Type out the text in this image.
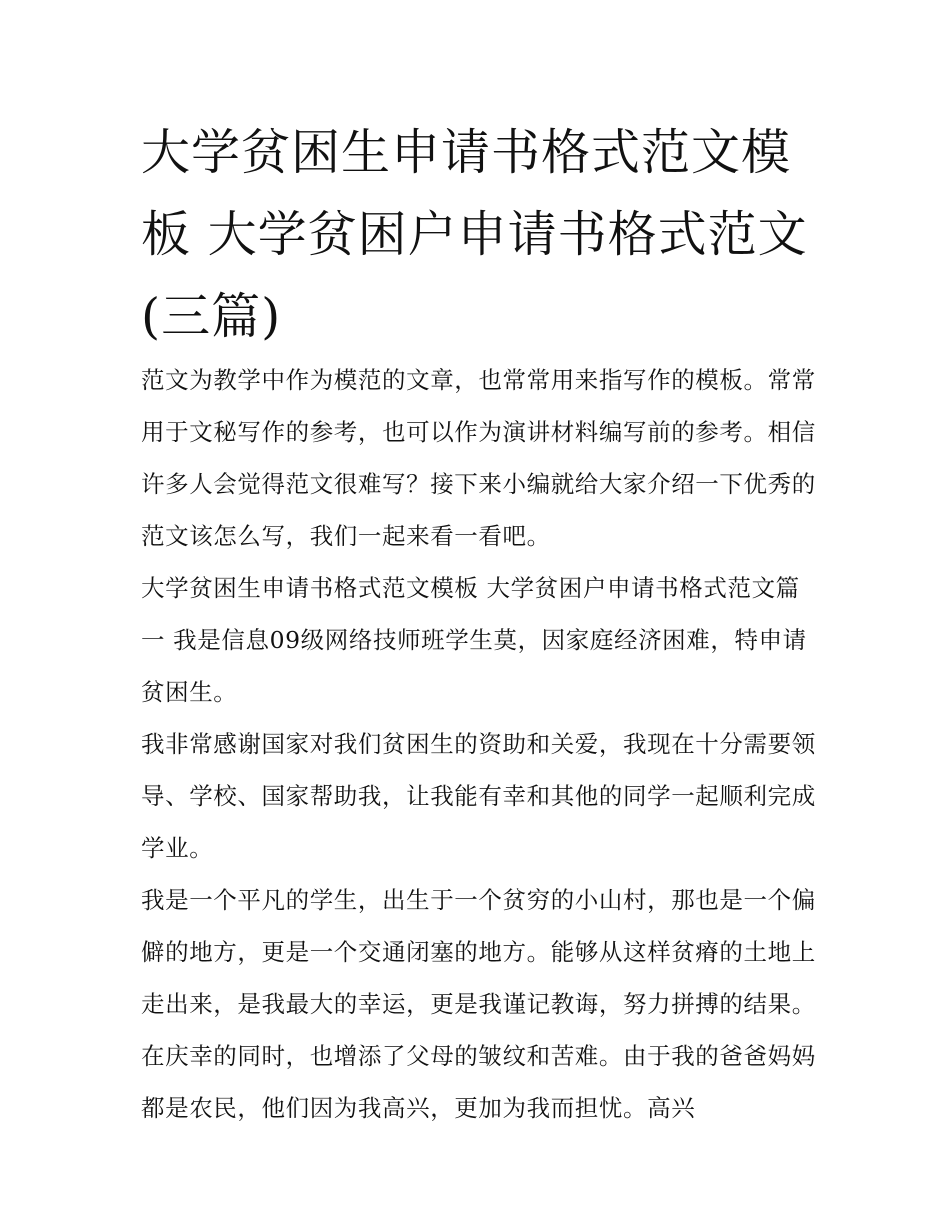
大学贫困生申请书格式范文模板 大学贫困户申请书格式范文(三篇)

范文为教学中作为模范的文章，也常常用来指写作的模板。常常用于文秘写作的参考，也可以作为演讲材料编写前的参考。相信许多人会觉得范文很难写？接下来小编就给大家介绍一下优秀的范文该怎么写，我们一起来看一看吧。

大学贫困生申请书格式范文模板 大学贫困户申请书格式范文篇一 我是信息09级网络技师班学生莫，因家庭经济困难，特申请贫困生。

我非常感谢国家对我们贫困生的资助和关爱，我现在十分需要领导、学校、国家帮助我，让我能有幸和其他的同学一起顺利完成学业。

我是一个平凡的学生，出生于一个贫穷的小山村，那也是一个偏僻的地方，更是一个交通闭塞的地方。能够从这样贫瘠的土地上走出来，是我最大的幸运，更是我谨记教诲，努力拼搏的结果。在庆幸的同时，也增添了父母的皱纹和苦难。由于我的爸爸妈妈都是农民，他们因为我高兴，更加为我而担忧。高兴
